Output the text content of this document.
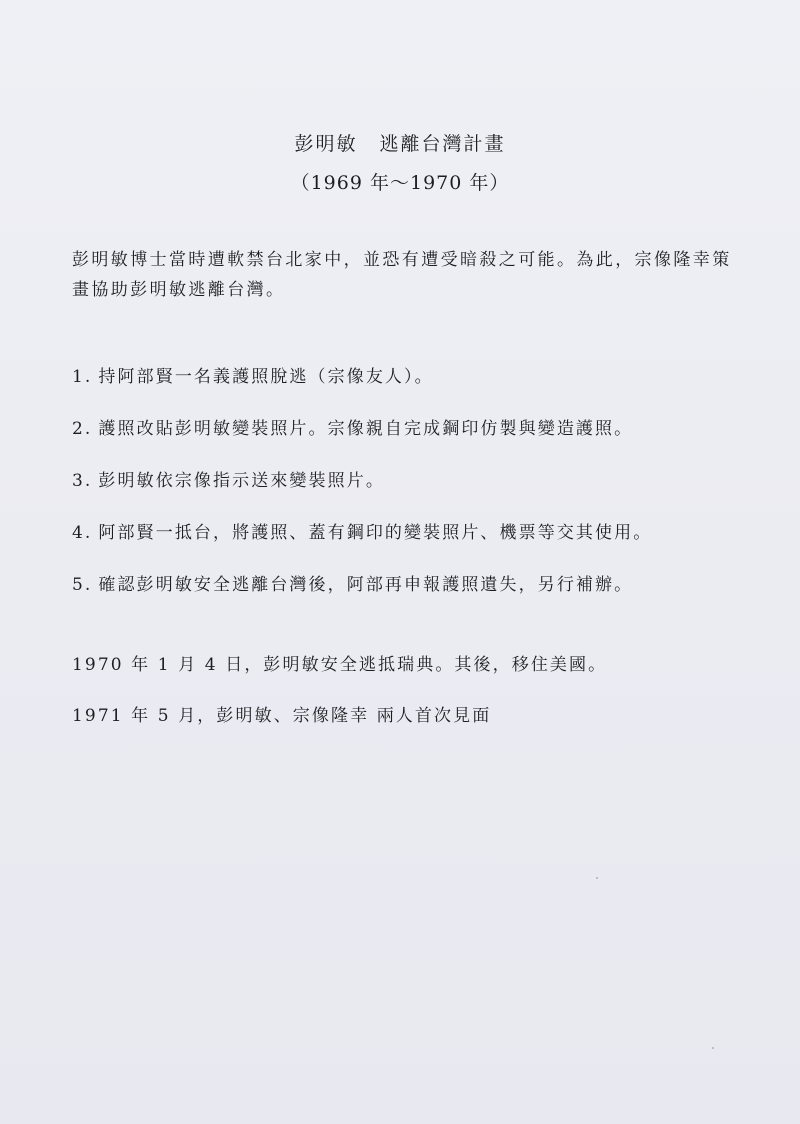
彭明敏 逃離台灣計畫
（1969 年～1970 年）

彭明敏博士當時遭軟禁台北家中，並恐有遭受暗殺之可能。為此，宗像隆幸策畫協助彭明敏逃離台灣。

1. 持阿部賢一名義護照脫逃（宗像友人）。
2. 護照改貼彭明敏變裝照片。宗像親自完成鋼印仿製與變造護照。
3. 彭明敏依宗像指示送來變裝照片。
4. 阿部賢一抵台，將護照、蓋有鋼印的變裝照片、機票等交其使用。
5. 確認彭明敏安全逃離台灣後，阿部再申報護照遺失，另行補辦。
1970 年 1 月 4 日，彭明敏安全逃抵瑞典。其後，移住美國。
1971 年 5 月，彭明敏、宗像隆幸 兩人首次見面
